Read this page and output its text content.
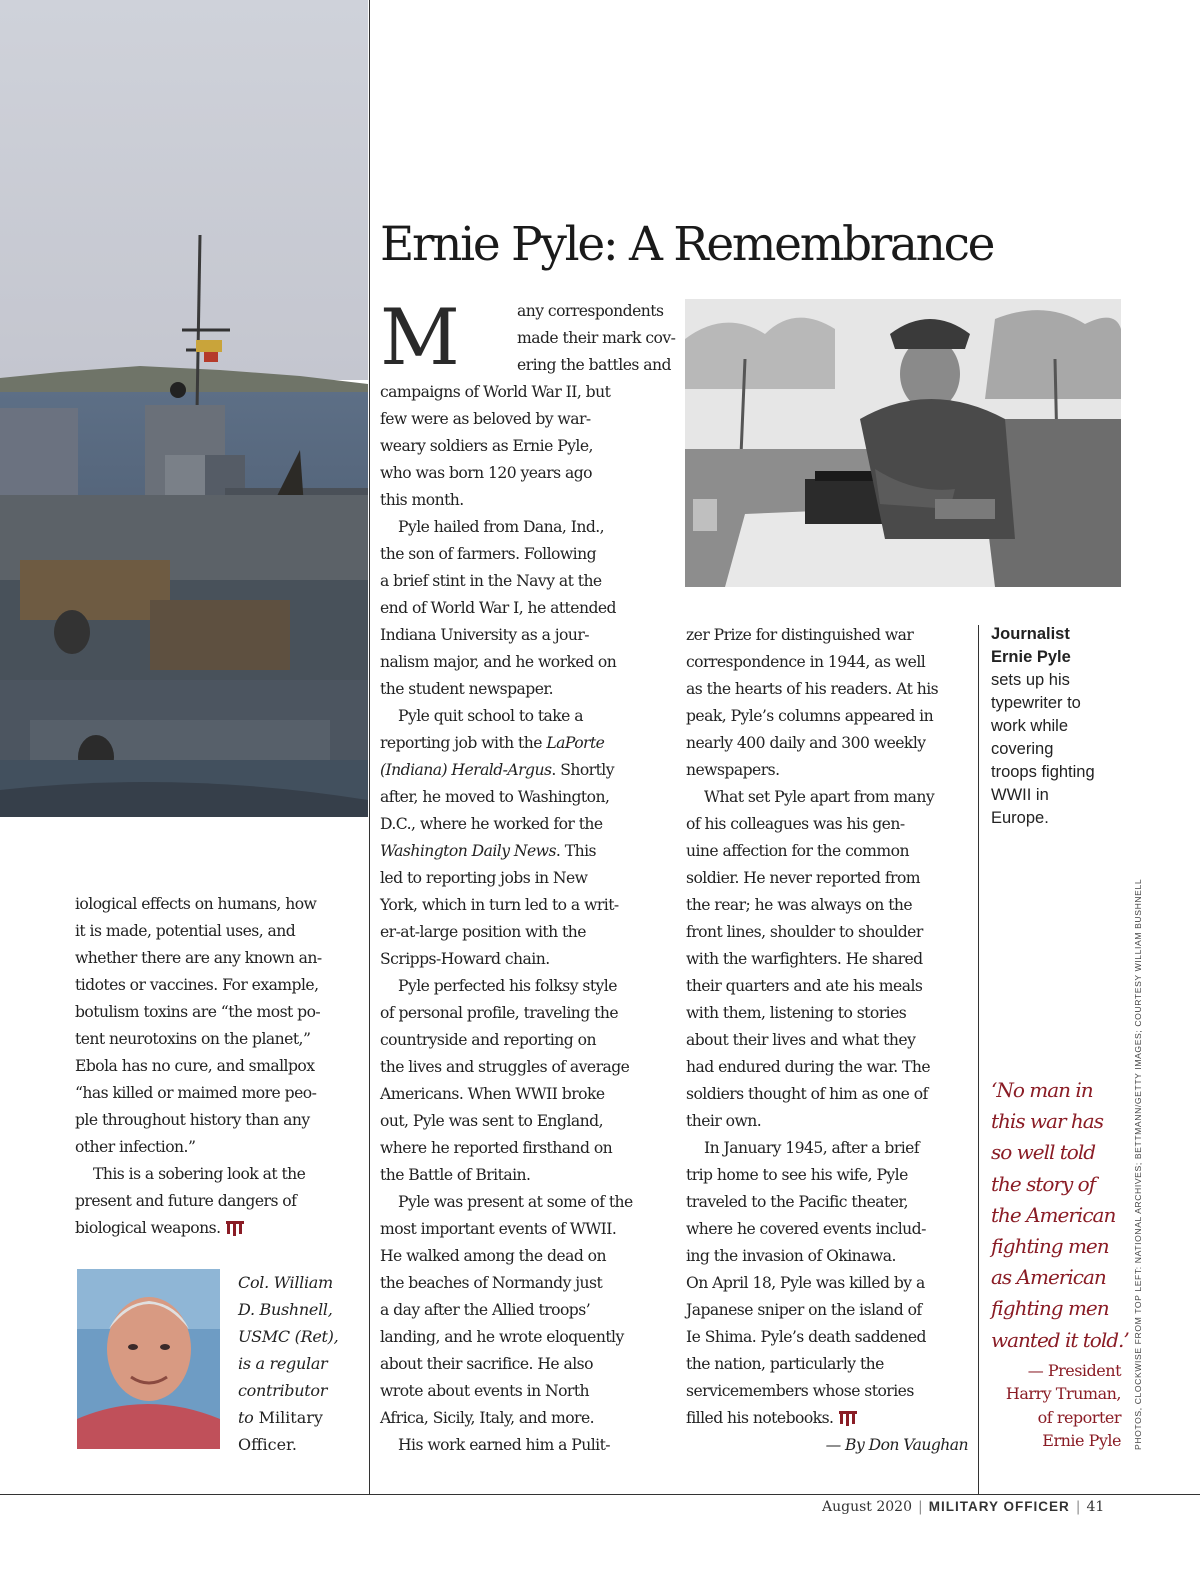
Ernie Pyle: A Remembrance
M	any correspondents
made their mark cov-
ering the battles and
campaigns of World War II, but
few were as beloved by war-
weary soldiers as Ernie Pyle,
who was born 120 years ago
this month.

Pyle hailed from Dana, Ind.,
the son of farmers. Following
a brief stint in the Navy at the
end of World War I, he attended
Indiana University as a jour-
nalism major, and he worked on
the student newspaper.

Pyle quit school to take a
reporting job with the LaPorte
(Indiana) Herald-Argus. Shortly
after, he moved to Washington,
D.C., where he worked for the
Washington Daily News. This
led to reporting jobs in New
York, which in turn led to a writ-
er-at-large position with the
Scripps-Howard chain.

Pyle perfected his folksy style
of personal profile, traveling the
countryside and reporting on
the lives and struggles of average
Americans. When WWII broke
out, Pyle was sent to England,
where he reported firsthand on
the Battle of Britain.

Pyle was present at some of the
most important events of WWII.
He walked among the dead on
the beaches of Normandy just
a day after the Allied troops’
landing, and he wrote eloquently
about their sacrifice. He also
wrote about events in North
Africa, Sicily, Italy, and more.

His work earned him a Pulit-

zer Prize for distinguished war
correspondence in 1944, as well
as the hearts of his readers. At his
peak, Pyle’s columns appeared in
nearly 400 daily and 300 weekly
newspapers.

What set Pyle apart from many
of his colleagues was his gen-
uine affection for the common
soldier. He never reported from
the rear; he was always on the
front lines, shoulder to shoulder
with the warfighters. He shared
their quarters and ate his meals
with them, listening to stories
about their lives and what they
had endured during the war. The
soldiers thought of him as one of
their own.

In January 1945, after a brief
trip home to see his wife, Pyle
traveled to the Pacific theater,
where he covered events includ-
ing the invasion of Okinawa.
On April 18, Pyle was killed by a
Japanese sniper on the island of
Ie Shima. Pyle’s death saddened
the nation, particularly the
servicemembers whose stories
filled his notebooks.

— By Don Vaughan

Journalist
Ernie Pyle
sets up his
typewriter to
work while
covering
troops fighting
WWII in
Europe.
‘No man in
this war has
so well told
the story of
the American
fighting men
as American
fighting men
wanted it told.’
— President
Harry Truman,
of reporter
Ernie Pyle PHOTOS, CLOCKWISE FROM TOP LEFT: NATIONAL ARCHIVES; BETTMANN/GETTY IMAGES; COURTESY WILLIAM BUSHNELL

iological effects on humans, how
it is made, potential uses, and
whether there are any known an-
tidotes or vaccines. For example,
botulism toxins are “the most po-
tent neurotoxins on the planet,”
Ebola has no cure, and smallpox
“has killed or maimed more peo-
ple throughout history than any
other infection.”

This is a sobering look at the
present and future dangers of
biological weapons.

Col. William
D. Bushnell,
USMC (Ret),
is a regular
contributor
to Military
Officer.
August 2020 | MILITARY OFFICER | 41
